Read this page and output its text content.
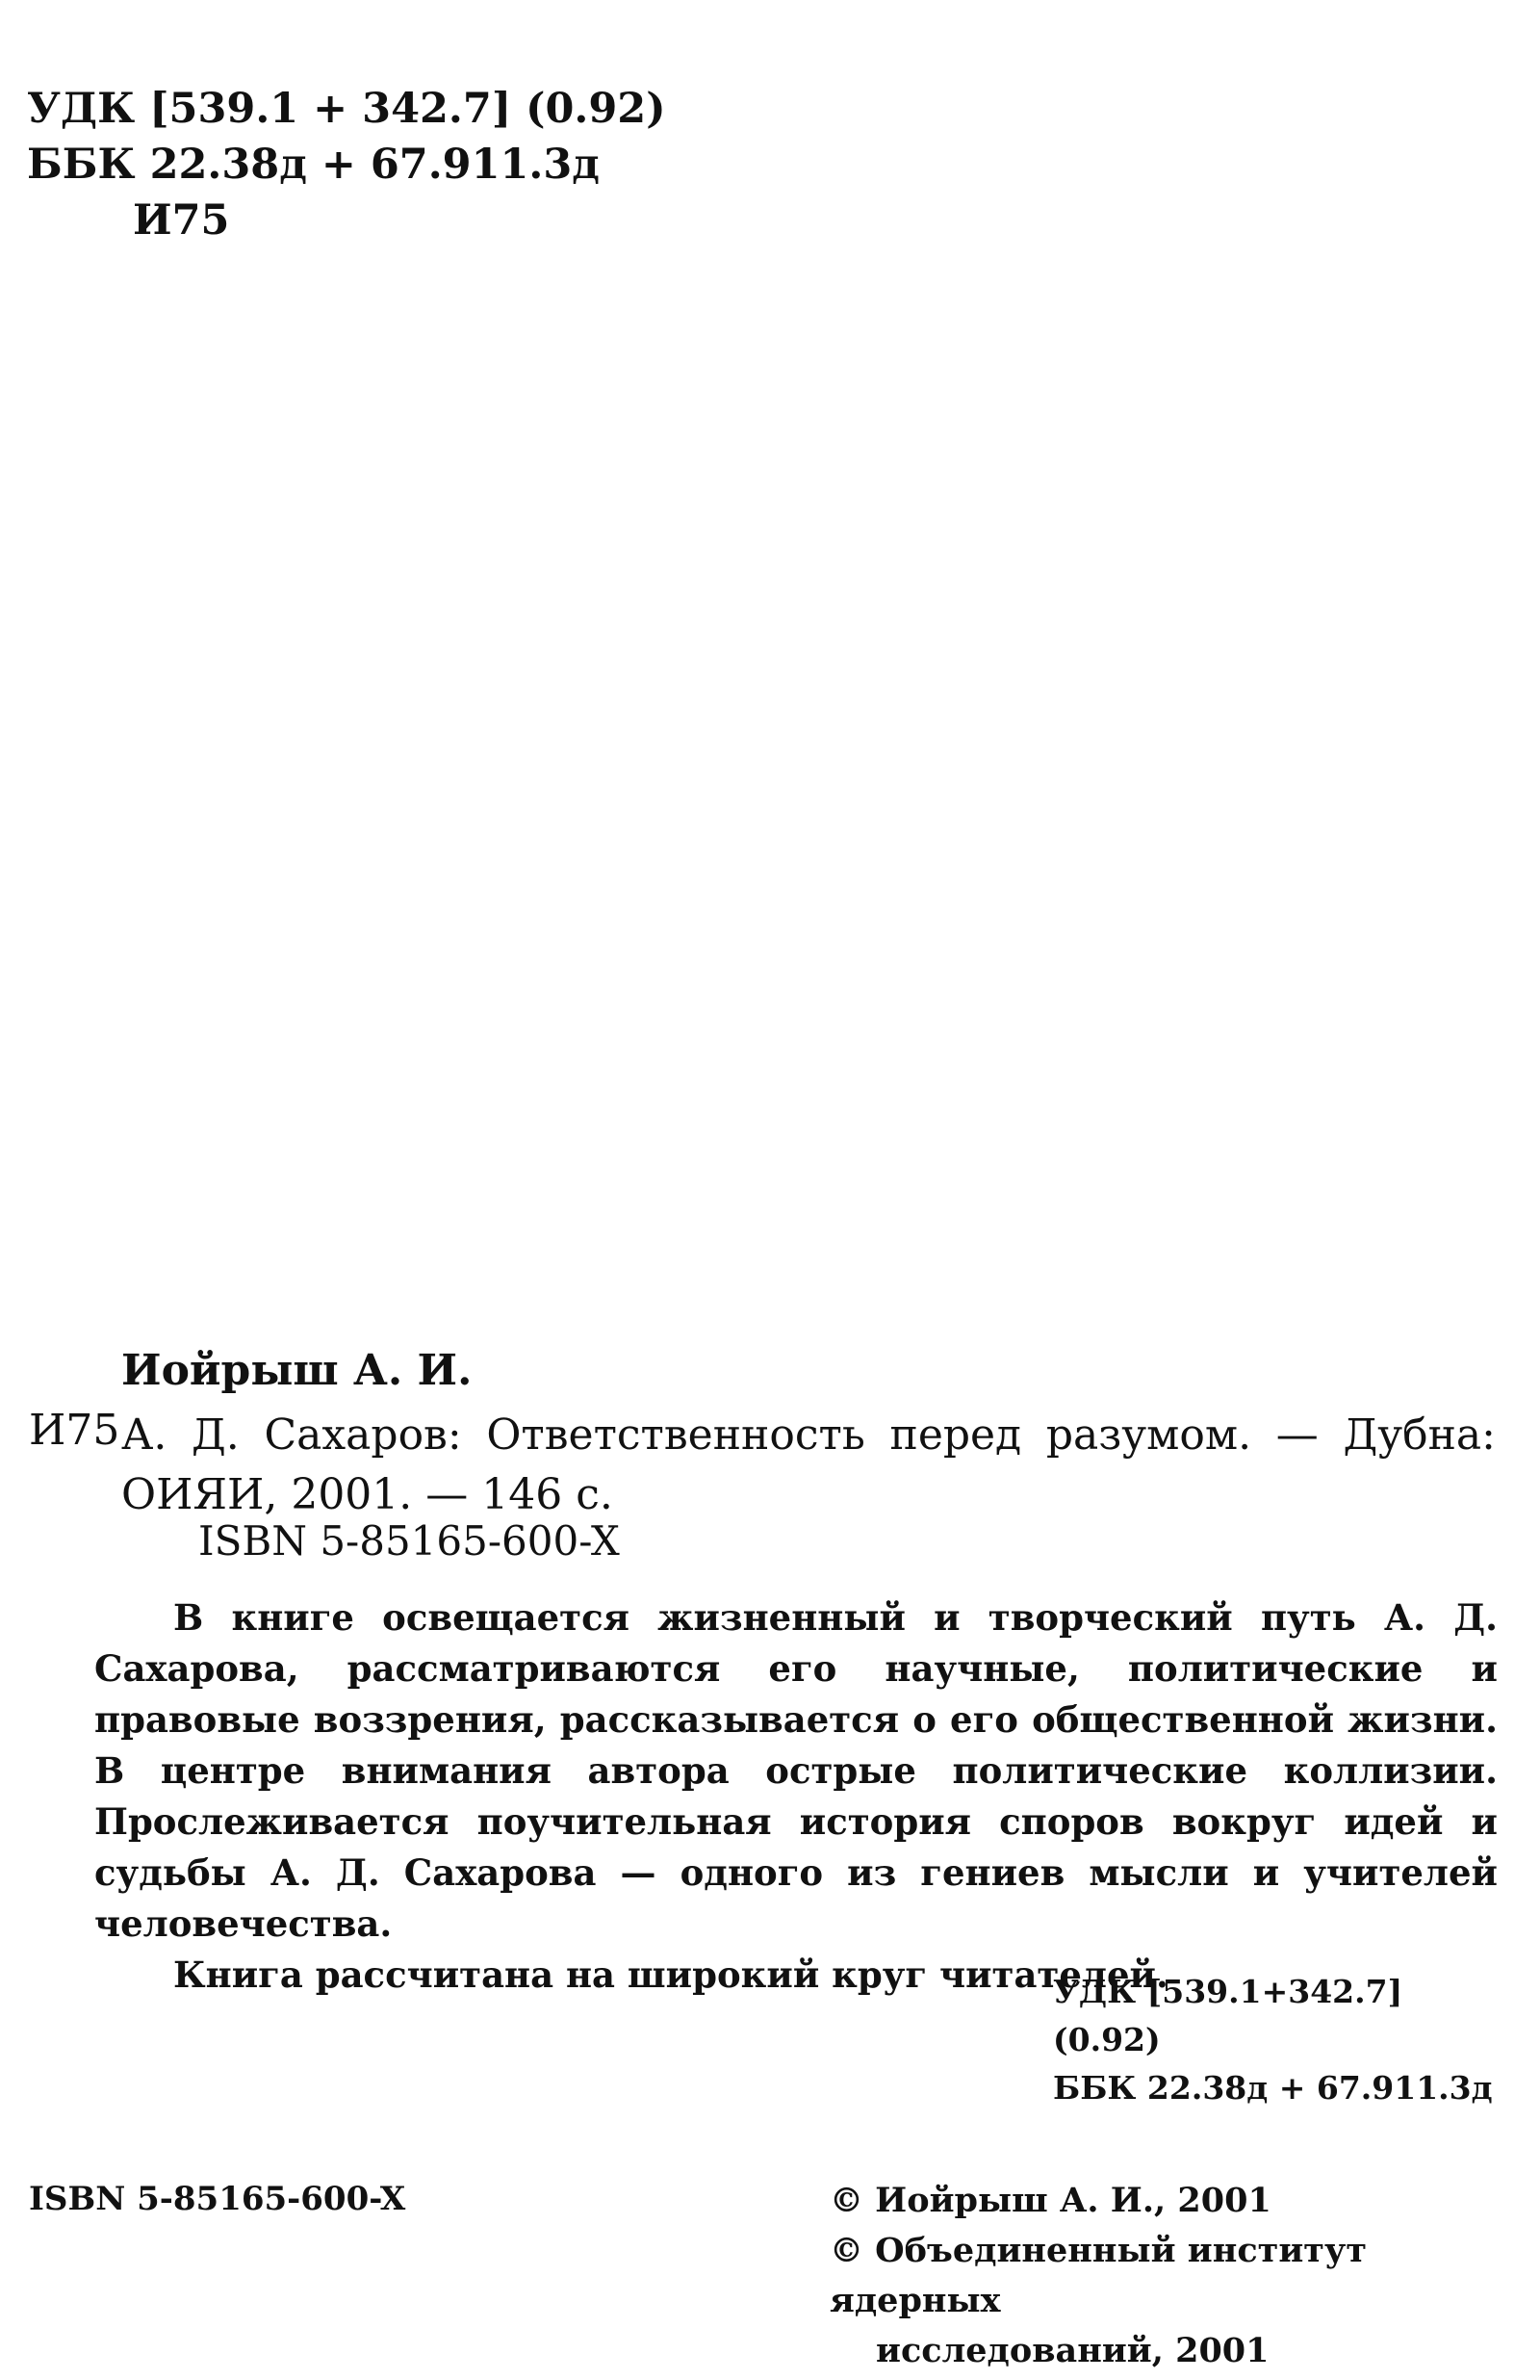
УДК [539.1 + 342.7] (0.92)
ББК 22.38д + 67.911.3д
И75
Иойрыш А. И.
И75 А. Д. Сахаров: Ответственность перед разумом. — Дубна:
ОИЯИ, 2001. — 146 с.
ISBN 5-85165-600-X

В книге освещается жизненный и творческий путь А. Д. Сахарова, рассматриваются его научные, политические и правовые воззрения, рассказывается о его общественной жизни. В центре внимания автора острые политические коллизии. Прослеживается поучительная история споров вокруг идей и судьбы А. Д. Сахарова — одного из гениев мысли и учителей человечества.

Книга рассчитана на широкий круг читателей.

УДК [539.1+342.7] (0.92)
ББК 22.38д + 67.911.3д
ISBN 5-85165-600-X	© Иойрыш А. И., 2001
© Объединенный институт ядерных
исследований, 2001
